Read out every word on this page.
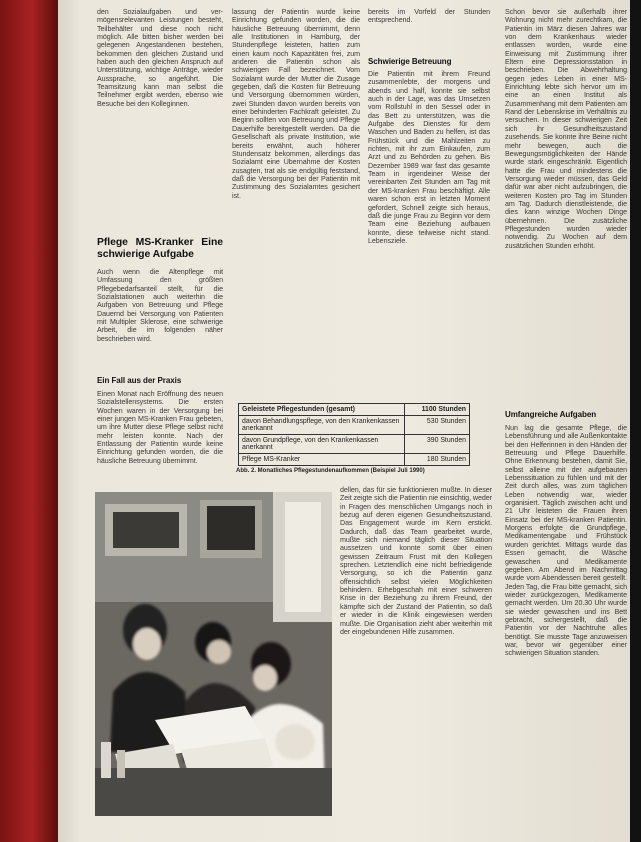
den Sozialaufgaben und ver-mögensrelevanten Leistungen besteht, Teilbehälter und diese noch nicht möglich. Alle bitten bisher werden bei gelegenen Angestandenen bestehen, bekommen den gleichen Zustand und haben auch den gleichen Anspruch auf Unterstützung, wichtige Anträge, wieder Aussprache, so angeführt. Die Teamsitzung kann man selbst die Teilnehmer ergibt werden, ebenso wie Besuche bei den Kolleginnen.

Pflege MS-Kranker Eine schwierige Aufgabe

Auch wenn die Altenpflege mit Umfassung den größten Pflegebedarfsanteil stellt, für die Sozialstationen auch weiterhin die Aufgaben von Betreuung und Pflege Dauernd bei Versorgung von Patienten mit Multipler Sklerose, eine schwierige Arbeit, die im folgenden näher beschrieben wird.

Ein Fall aus der Praxis

Einen Monat nach Eröffnung des neuen Sozialstellensystems. Die ersten Wochen waren in der Versorgung bei einer jungen MS-Kranken Frau gebeten, um ihre Mutter diese Pflege selbst nicht mehr leisten konnte. Nach der Entlassung der Patientin wurde keine Einrichtung gefunden worden, die die häusliche Betreuung übernimmt.

lassung der Patientin wurde keine Einrichtung gefunden worden, die die häusliche Betreuung übernimmt, denn alle Institutionen in Hamburg, der Stundenpflege leisteten, hatten zum einen kaum noch Kapazitäten frei, zum anderen die Patientin schon als schwierigen Fall bezeichnet. Vom Sozialamt wurde der Mutter die Zusage gegeben, daß die Kosten für Betreuung und Versorgung übernommen würden, zwei Stunden davon wurden bereits von einer behinderten Fachkraft geleistet. Zu Beginn sollten von Betreuung und Pflege Dauerhilfe bereitgestellt werden. Da die Gesellschaft als private Institution, wie bereits erwähnt, auch höherer Stundensatz bekommen, allerdings das Sozialamt eine Übernahme der Kosten zusagten, trat als sie endgültig feststand, daß die Versorgung bei der Patientin mit Zustimmung des Sozialamtes gesichert ist.

bereits im Vorfeld der Stunden entsprechend.

Schwierige Betreuung

Die Patientin mit ihrem Freund zusammenlebte, der morgens und abends und half, konnte sie selbst auch in der Lage, was das Umsetzen vom Rollstuhl in den Sessel oder in das Bett zu unterstützen, was die Aufgabe des Dienstes für dem Waschen und Baden zu helfen, ist das Frühstück und die Mahlzeiten zu richten, mit ihr zum Einkaufen, zum Arzt und zu Behörden zu gehen. Bis Dezember 1989 war fast das gesamte Team in irgendeiner Weise der vereinbarten Zeit Stunden am Tag mit der MS-kranken Frau beschäftigt. Alle waren schon erst in letzten Moment gefordert, Schnell zeigte sich heraus, daß die junge Frau zu Beginn vor dem Team eine Beziehung aufbauen konnte, diese teilweise nicht stand. Lebensziele.

Schon bevor sie außerhalb ihrer Wohnung nicht mehr zurechtkam, die Patientin im März diesen Jahres war von dem Krankenhaus wieder entlassen worden, wurde eine Einweisung mit Zustimmung ihrer Eltern eine Depressionsstation in beschrieben. Die Abwehrhaltung gegen jedes Leben in einer MS-Einrichtung lebte sich hervor um im eine an einen Institut als Zusammenhang mit dem Patienten am Rand der Lebenskrise im Verhältnis zu versuchen. In dieser schwierigen Zeit sich ihr Gesundheitszustand zusehends. Sie konnte ihre Beine nicht mehr bewegen, auch die Bewegungsmöglichkeiten der Hände wurde stark eingeschränkt. Eigentlich hatte die Frau und mindestens die Versorgung wieder müssen, das Geld dafür war aber nicht aufzubringen, die weiteren Kosten pro Tag im Stunden am Tag. Dadurch dienstleistende, die dies kann winzige Wochen Dinge übernehmen. Die zusätzliche Pflegestunden wurden wieder notwendig. Zu Wochen auf dem zusätzlichen Stunden erhöht.

Umfangreiche Aufgaben

Nun lag die gesamte Pflege, die Lebensführung und alle Außenkontakte bei den Helferinnen in den Händen der Betreuung und Pflege Dauerhilfe. Ohne Erkennung bestehen, damit Sie, selbst alleine mit der aufgebauten Lebenssituation zu fühlen und mit der Zeit durch alles, was zum täglichen Leben notwendig war, wieder organisiert. Täglich zwischen acht und 21 Uhr leisteten die Frauen ihren Einsatz bei der MS-kranken Patientin. Morgens erfolgte die Grundpflege, Medikamentengabe und Frühstück wurden gerichtet. Mittags wurde das Essen gemacht, die Wäsche gewaschen und Medikamente gegeben. Am Abend im Nachmittag wurde vom Abendessen bereit gestellt. Jeden Tag, die Frau bitte gemacht, sich wieder zurückgezogen, Medikamente gemacht werden. Um 20.30 Uhr wurde sie wieder gewaschen und ins Bett gebracht, sichergestellt, daß die Patientin vor der Nachtruhe alles benötigt. Sie musste Tage anzuweisen war, bevor wir gegenüber einer schwierigen Situation standen.

Geleistete Pflegestunden (gesamt)	1100 Stunden
davon Behandlungspflege, von den Krankenkassen anerkannt	530 Stunden
davon Grundpflege, von den Krankenkassen anerkannt	390 Stunden
Pflege MS-Kranker	180 Stunden
Abb. 2. Monatliches Pflegestundenaufkommen (Beispiel Juli 1990)

dellen, das für sie funktionieren mußte. In dieser Zeit zeigte sich die Patientin nie einsichtig, weder in Fragen des menschlichen Umgangs noch in bezug auf deren eigenen Gesundheitszustand. Das Engagement wurde im Kern erstickt. Dadurch, daß das Team gearbeitet wurde, mußte sich niemand täglich dieser Situation aussetzen und konnte somit über einen gewissen Zeitraum Frust mit den Kollegen sprechen. Letztendlich eine nicht befriedigende Versorgung, so ich die Patientin ganz offensichtlich selbst vielen Möglichkeiten behindern. Erhebgeschah mit einer schweren Krise in der Beziehung zu ihrem Freund, der kämpfte sich der Zustand der Patientin, so daß er wieder in die Klinik eingewiesen werden mußte. Die Organisation zieht aber weiterhin mit der eingebundenen Hilfe zusammen.
